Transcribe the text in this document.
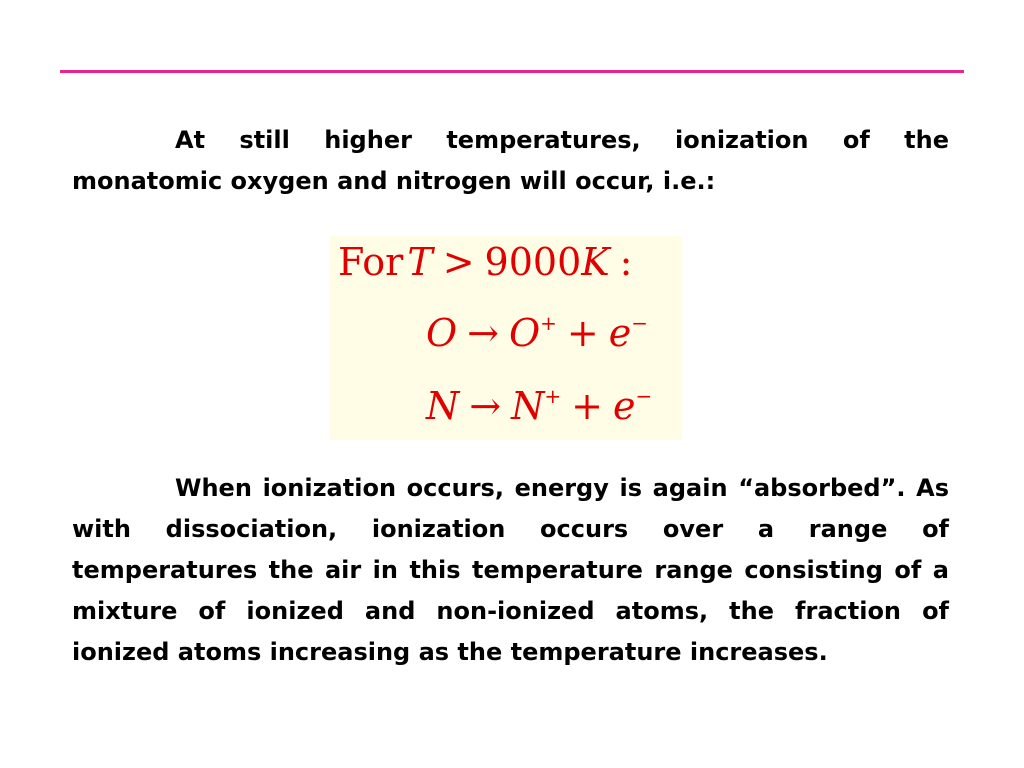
At still higher temperatures, ionization of the monatomic oxygen and nitrogen will occur, i.e.:

For T > 9000K :
O → O+ + e−
N → N+ + e−

When ionization occurs, energy is again “absorbed”. As with dissociation, ionization occurs over a range of temperatures the air in this temperature range consisting of a mixture of ionized and non-ionized atoms, the fraction of ionized atoms increasing as the temperature increases.
